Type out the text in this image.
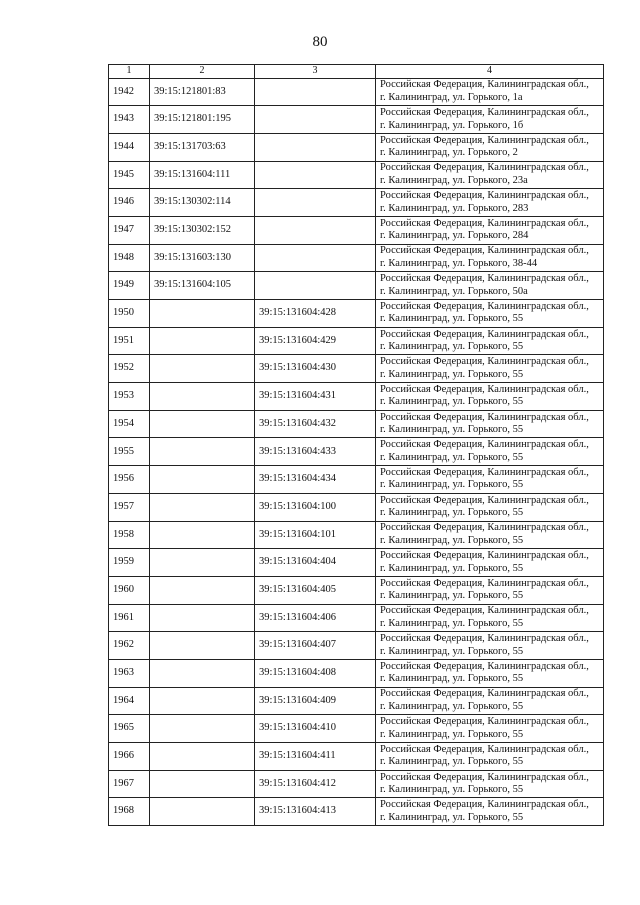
80
1	2	3	4
1942	39:15:121801:83		Российская Федерация, Калининградская обл.,
г. Калининград, ул. Горького, 1а

1943	39:15:121801:195		Российская Федерация, Калининградская обл.,
г. Калининград, ул. Горького, 1б

1944	39:15:131703:63		Российская Федерация, Калининградская обл.,
г. Калининград, ул. Горького, 2

1945	39:15:131604:111		Российская Федерация, Калининградская обл.,
г. Калининград, ул. Горького, 23а

1946	39:15:130302:114		Российская Федерация, Калининградская обл.,
г. Калининград, ул. Горького, 283

1947	39:15:130302:152		Российская Федерация, Калининградская обл.,
г. Калининград, ул. Горького, 284

1948	39:15:131603:130		Российская Федерация, Калининградская обл.,
г. Калининград, ул. Горького, 38-44

1949	39:15:131604:105		Российская Федерация, Калининградская обл.,
г. Калининград, ул. Горького, 50а

1950		39:15:131604:428	Российская Федерация, Калининградская обл.,
г. Калининград, ул. Горького, 55

1951		39:15:131604:429	Российская Федерация, Калининградская обл.,
г. Калининград, ул. Горького, 55

1952		39:15:131604:430	Российская Федерация, Калининградская обл.,
г. Калининград, ул. Горького, 55

1953		39:15:131604:431	Российская Федерация, Калининградская обл.,
г. Калининград, ул. Горького, 55

1954		39:15:131604:432	Российская Федерация, Калининградская обл.,
г. Калининград, ул. Горького, 55

1955		39:15:131604:433	Российская Федерация, Калининградская обл.,
г. Калининград, ул. Горького, 55

1956		39:15:131604:434	Российская Федерация, Калининградская обл.,
г. Калининград, ул. Горького, 55

1957		39:15:131604:100	Российская Федерация, Калининградская обл.,
г. Калининград, ул. Горького, 55

1958		39:15:131604:101	Российская Федерация, Калининградская обл.,
г. Калининград, ул. Горького, 55

1959		39:15:131604:404	Российская Федерация, Калининградская обл.,
г. Калининград, ул. Горького, 55

1960		39:15:131604:405	Российская Федерация, Калининградская обл.,
г. Калининград, ул. Горького, 55

1961		39:15:131604:406	Российская Федерация, Калининградская обл.,
г. Калининград, ул. Горького, 55

1962		39:15:131604:407	Российская Федерация, Калининградская обл.,
г. Калининград, ул. Горького, 55

1963		39:15:131604:408	Российская Федерация, Калининградская обл.,
г. Калининград, ул. Горького, 55

1964		39:15:131604:409	Российская Федерация, Калининградская обл.,
г. Калининград, ул. Горького, 55

1965		39:15:131604:410	Российская Федерация, Калининградская обл.,
г. Калининград, ул. Горького, 55

1966		39:15:131604:411	Российская Федерация, Калининградская обл.,
г. Калининград, ул. Горького, 55

1967		39:15:131604:412	Российская Федерация, Калининградская обл.,
г. Калининград, ул. Горького, 55

1968		39:15:131604:413	Российская Федерация, Калининградская обл.,
г. Калининград, ул. Горького, 55
